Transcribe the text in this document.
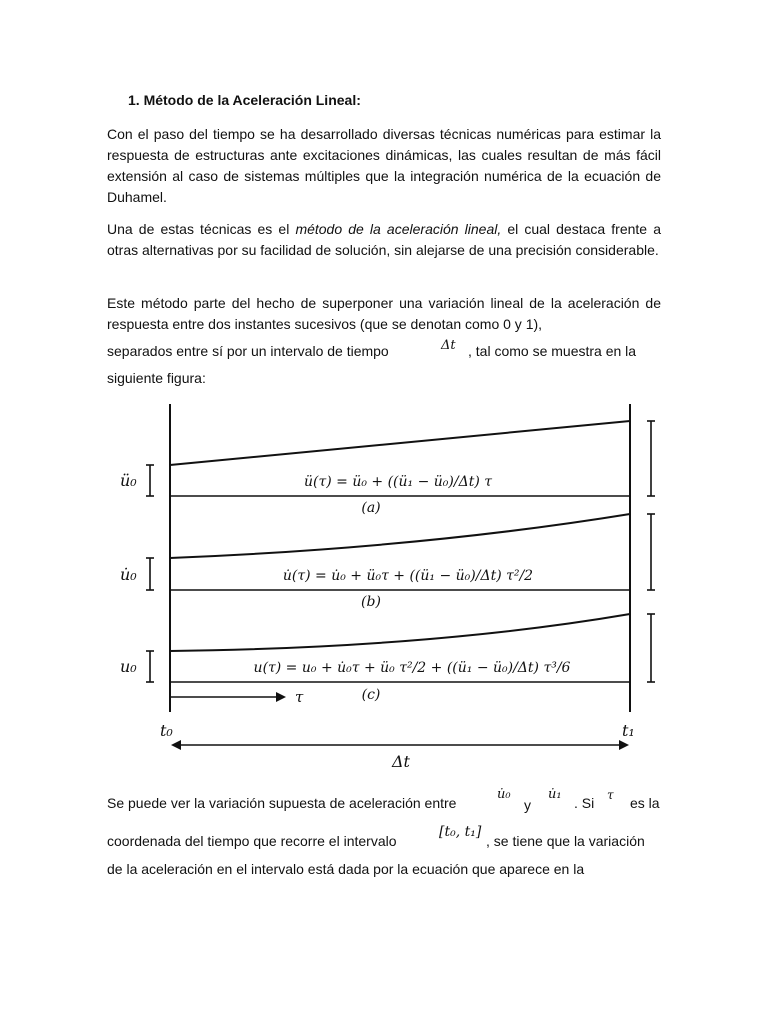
1. Método de la Aceleración Lineal:

Con el paso del tiempo se ha desarrollado diversas técnicas numéricas para estimar la respuesta de estructuras ante excitaciones dinámicas, las cuales resultan de más fácil extensión al caso de sistemas múltiples que la integración numérica de la ecuación de Duhamel.

Una de estas técnicas es el método de la aceleración lineal, el cual destaca frente a otras alternativas por su facilidad de solución, sin alejarse de una precisión considerable.

Este método parte del hecho de superponer una variación lineal de la aceleración de respuesta entre dos instantes sucesivos (que se denotan como 0 y 1),

separados entre sí por un intervalo de tiempo	Δt , tal como se muestra en la
siguiente figura:
ü₀
u̇₀
u₀
ü(τ) = ü₀ + ((ü₁ − ü₀)/Δt) τ
u̇(τ) = u̇₀ + ü₀τ + ((ü₁ − ü₀)/Δt) τ²/2
u(τ) = u₀ + u̇₀τ + ü₀ τ²/2 + ((ü₁ − ü₀)/Δt) τ³/6
(a)
(b)
(c)
τ
t₀	t₁
Δt
Se puede ver la variación supuesta de aceleración entre
u̇₀
y
u̇₁
. Si τ es la
coordenada del tiempo que recorre el intervalo
[t₀, t₁]
, se tiene que la variación
de la aceleración en el intervalo está dada por la ecuación que aparece en la
